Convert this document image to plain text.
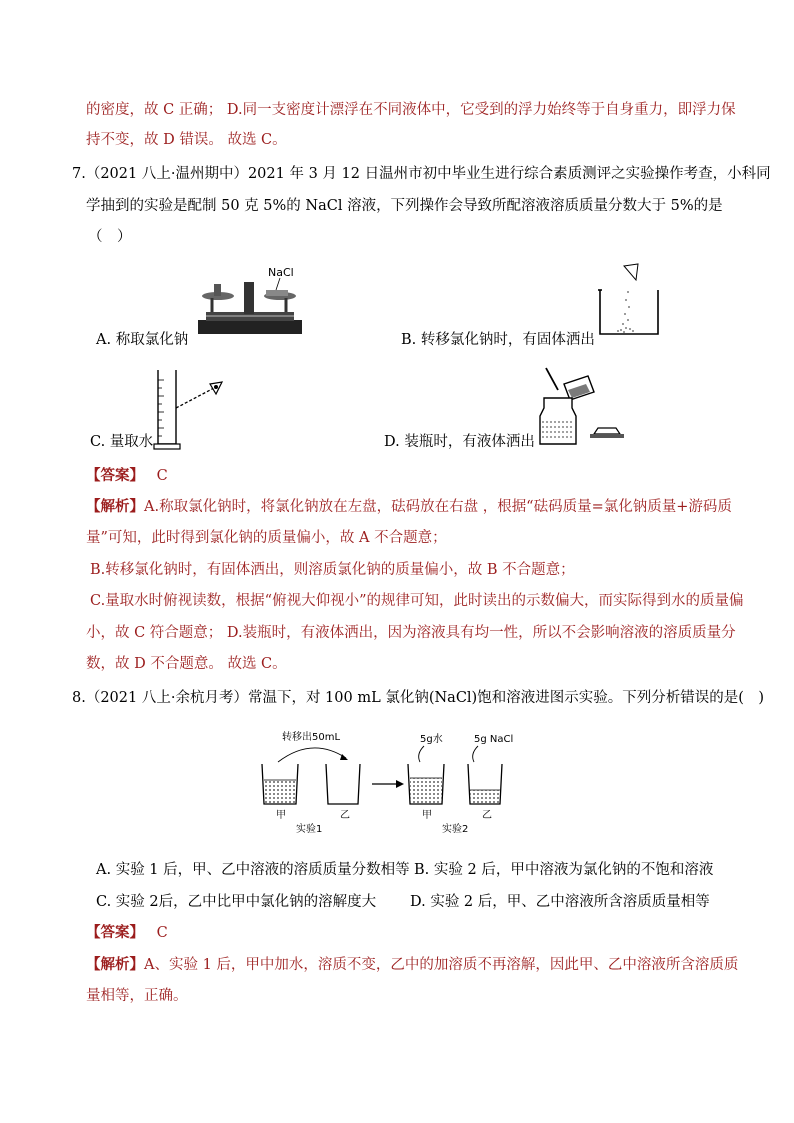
的密度，故 C 正确； D.同一支密度计漂浮在不同液体中，它受到的浮力始终等于自身重力，即浮力保
持不变，故 D 错误。 故选 C。
7.（2021 八上·温州期中）2021 年 3 月 12 日温州市初中毕业生进行综合素质测评之实验操作考查，小科同
学抽到的实验是配制 50 克 5%的 NaCl 溶液，下列操作会导致所配溶液溶质质量分数大于 5%的是
（　）
NaCl
A. 称取氯化钠	B. 转移氯化钠时，有固体洒出
C. 量取水	D. 装瓶时，有液体洒出
【答案】 C
【解析】A.称取氯化钠时，将氯化钠放在左盘，砝码放在右盘 ，根据“砝码质量=氯化钠质量+游码质
量”可知，此时得到氯化钠的质量偏小，故 A 不合题意；
B.转移氯化钠时，有固体洒出，则溶质氯化钠的质量偏小，故 B 不合题意；
C.量取水时俯视读数，根据“俯视大仰视小”的规律可知，此时读出的示数偏大，而实际得到水的质量偏
小，故 C 符合题意； D.装瓶时，有液体洒出，因为溶液具有均一性，所以不会影响溶液的溶质质量分
数，故 D 不合题意。 故选 C。
8.（2021 八上·余杭月考）常温下，对 100 mL 氯化钠(NaCl)饱和溶液进图示实验。下列分析错误的是(　)
转移出50mL	5g水	5g NaCl
甲	乙
实验1
甲	乙
实验2
A. 实验 1 后，甲、乙中溶液的溶质质量分数相等 B. 实验 2 后，甲中溶液为氯化钠的不饱和溶液
C. 实验 2后，乙中比甲中氯化钠的溶解度大 D. 实验 2 后，甲、乙中溶液所含溶质质量相等
【答案】 C
【解析】A、实验 1 后，甲中加水，溶质不变，乙中的加溶质不再溶解，因此甲、乙中溶液所含溶质质
量相等，正确。
